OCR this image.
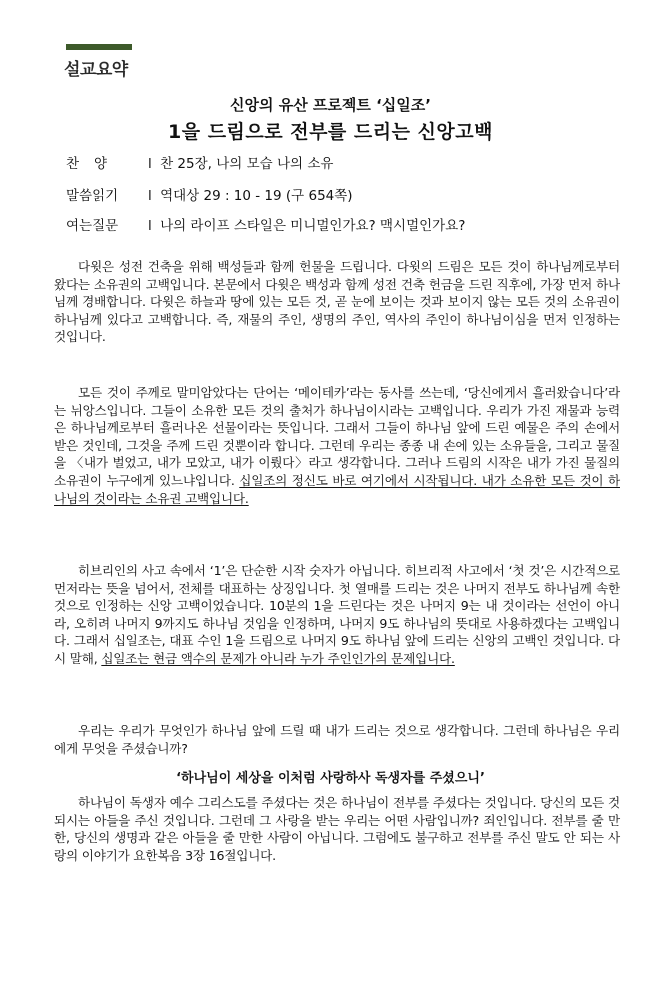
설교요약
신앙의 유산 프로젝트 ‘십일조’
1을 드림으로 전부를 드리는 신앙고백
찬양 l 찬 25장, 나의 모습 나의 소유
말씀읽기 l 역대상 29 : 10 - 19 (구 654쪽)
여는질문 l 나의 라이프 스타일은 미니멀인가요? 맥시멀인가요?

다윗은 성전 건축을 위해 백성들과 함께 헌물을 드립니다. 다윗의 드림은 모든 것이 하나님께로부터 왔다는 소유권의 고백입니다. 본문에서 다윗은 백성과 함께 성전 건축 헌금을 드린 직후에, 가장 먼저 하나님께 경배합니다. 다윗은 하늘과 땅에 있는 모든 것, 곧 눈에 보이는 것과 보이지 않는 모든 것의 소유권이 하나님께 있다고 고백합니다. 즉, 재물의 주인, 생명의 주인, 역사의 주인이 하나님이심을 먼저 인정하는 것입니다.

모든 것이 주께로 말미암았다는 단어는 ‘메이테카’라는 동사를 쓰는데, ‘당신에게서 흘러왔습니다’라는 뉘앙스입니다. 그들이 소유한 모든 것의 출처가 하나님이시라는 고백입니다. 우리가 가진 재물과 능력은 하나님께로부터 흘러나온 선물이라는 뜻입니다. 그래서 그들이 하나님 앞에 드린 예물은 주의 손에서 받은 것인데, 그것을 주께 드린 것뿐이라 합니다. 그런데 우리는 종종 내 손에 있는 소유들을, 그리고 물질을 〈내가 벌었고, 내가 모았고, 내가 이뤘다〉라고 생각합니다. 그러나 드림의 시작은 내가 가진 물질의 소유권이 누구에게 있느냐입니다. 십일조의 정신도 바로 여기에서 시작됩니다. 내가 소유한 모든 것이 하나님의 것이라는 소유권 고백입니다.

히브리인의 사고 속에서 ‘1’은 단순한 시작 숫자가 아닙니다. 히브리적 사고에서 ‘첫 것’은 시간적으로 먼저라는 뜻을 넘어서, 전체를 대표하는 상징입니다. 첫 열매를 드리는 것은 나머지 전부도 하나님께 속한 것으로 인정하는 신앙 고백이었습니다. 10분의 1을 드린다는 것은 나머지 9는 내 것이라는 선언이 아니라, 오히려 나머지 9까지도 하나님 것임을 인정하며, 나머지 9도 하나님의 뜻대로 사용하겠다는 고백입니다. 그래서 십일조는, 대표 수인 1을 드림으로 나머지 9도 하나님 앞에 드리는 신앙의 고백인 것입니다. 다시 말해, 십일조는 현금 액수의 문제가 아니라 누가 주인인가의 문제입니다.

우리는 우리가 무엇인가 하나님 앞에 드릴 때 내가 드리는 것으로 생각합니다. 그런데 하나님은 우리에게 무엇을 주셨습니까?

‘하나님이 세상을 이처럼 사랑하사 독생자를 주셨으니’

하나님이 독생자 예수 그리스도를 주셨다는 것은 하나님이 전부를 주셨다는 것입니다. 당신의 모든 것 되시는 아들을 주신 것입니다. 그런데 그 사랑을 받는 우리는 어떤 사람입니까? 죄인입니다. 전부를 줄 만한, 당신의 생명과 같은 아들을 줄 만한 사람이 아닙니다. 그럼에도 불구하고 전부를 주신 말도 안 되는 사랑의 이야기가 요한복음 3장 16절입니다.
